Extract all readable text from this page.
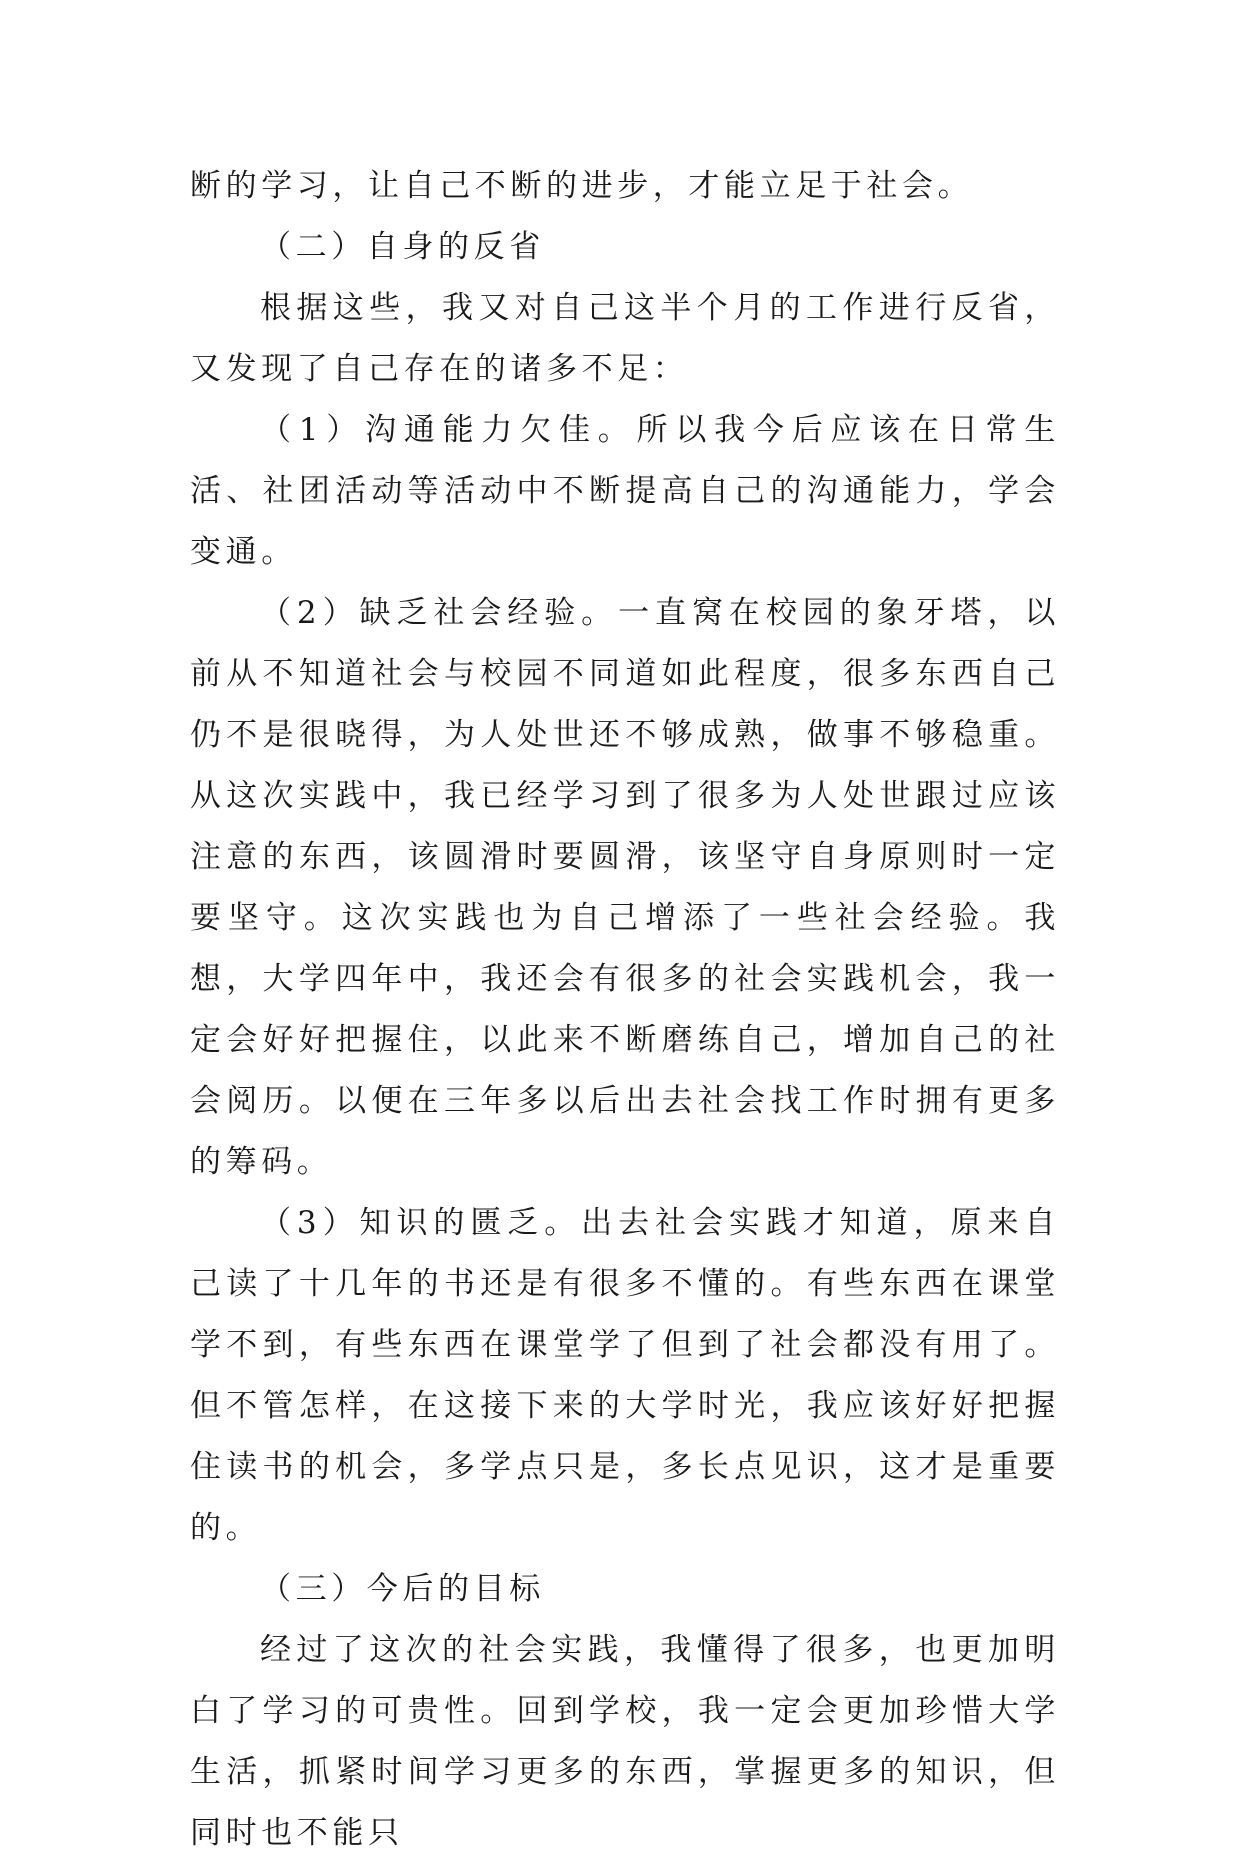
断的学习，让自己不断的进步，才能立足于社会。

（二）自身的反省

根据这些，我又对自己这半个月的工作进行反省，又发现了自己存在的诸多不足：

（1）沟通能力欠佳。所以我今后应该在日常生活、社团活动等活动中不断提高自己的沟通能力，学会变通。

（2）缺乏社会经验。一直窝在校园的象牙塔，以前从不知道社会与校园不同道如此程度，很多东西自己仍不是很晓得，为人处世还不够成熟，做事不够稳重。从这次实践中，我已经学习到了很多为人处世跟过应该注意的东西，该圆滑时要圆滑，该坚守自身原则时一定要坚守。这次实践也为自己增添了一些社会经验。我想，大学四年中，我还会有很多的社会实践机会，我一定会好好把握住，以此来不断磨练自己，增加自己的社会阅历。以便在三年多以后出去社会找工作时拥有更多的筹码。

（3）知识的匮乏。出去社会实践才知道，原来自己读了十几年的书还是有很多不懂的。有些东西在课堂学不到，有些东西在课堂学了但到了社会都没有用了。但不管怎样，在这接下来的大学时光，我应该好好把握住读书的机会，多学点只是，多长点见识，这才是重要的。

（三）今后的目标

经过了这次的社会实践，我懂得了很多，也更加明白了学习的可贵性。回到学校，我一定会更加珍惜大学生活，抓紧时间学习更多的东西，掌握更多的知识，但同时也不能只
